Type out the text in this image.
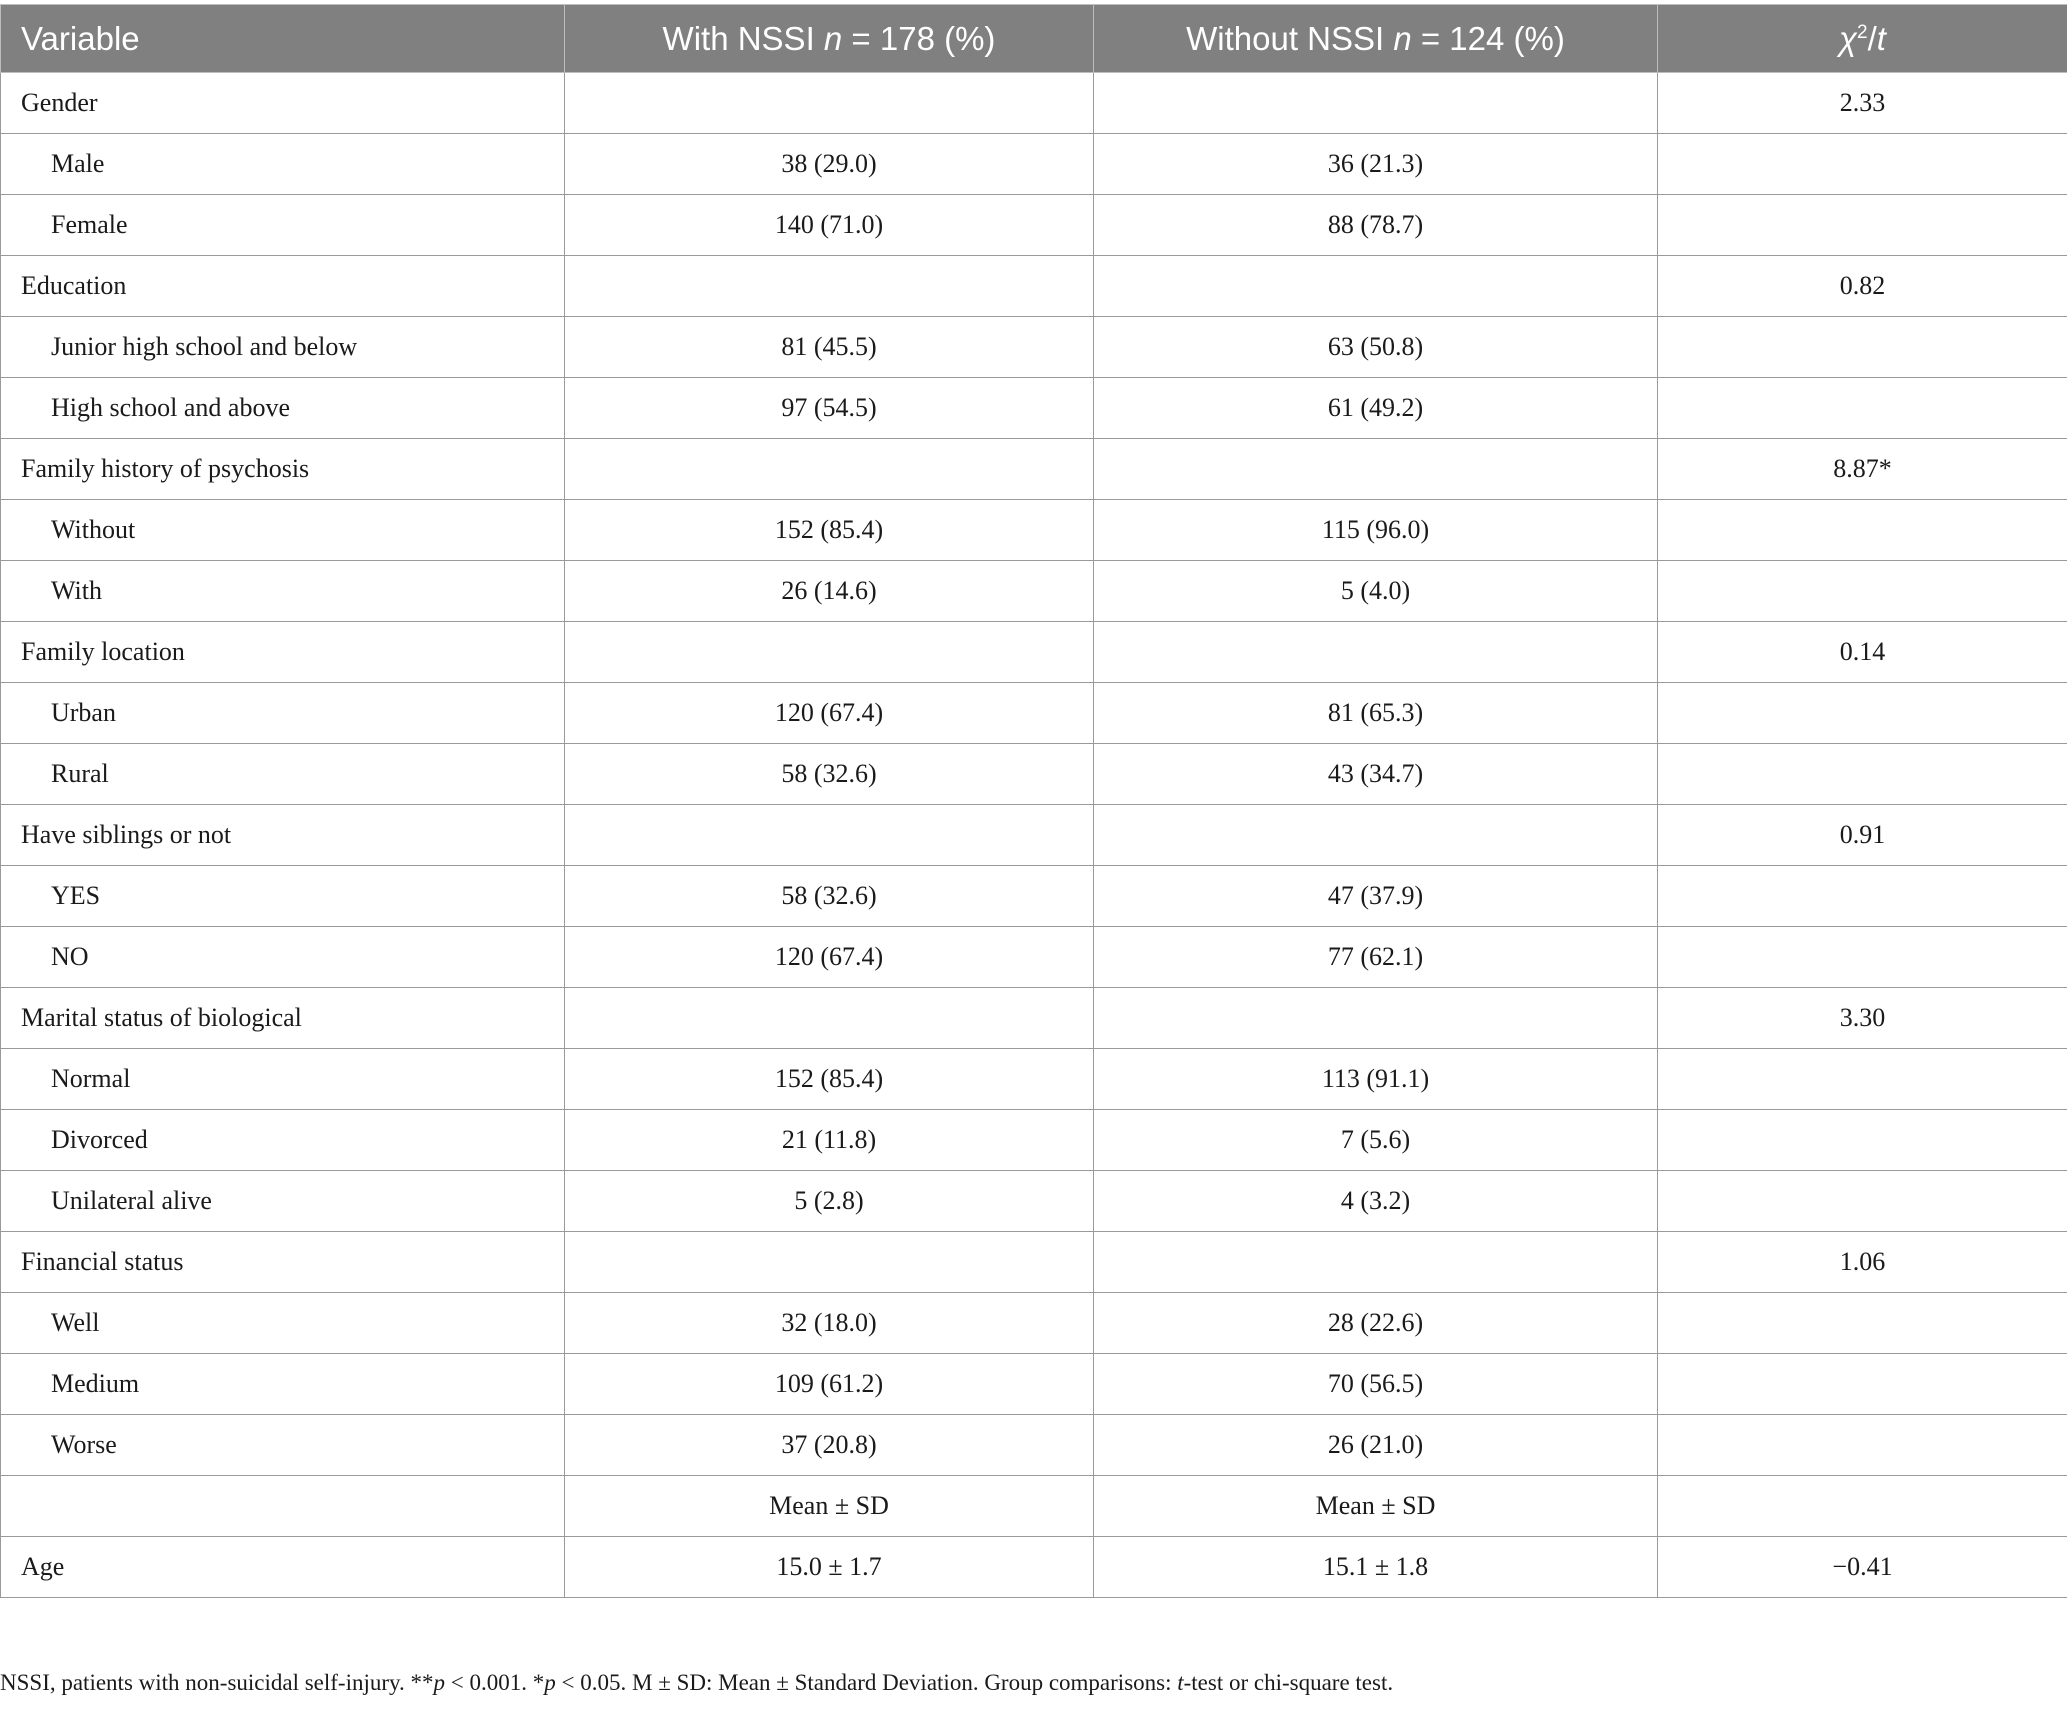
Variable	With NSSI n = 178 (%)	Without NSSI n = 124 (%)	$\chi^2/t$
Gender			2.33
Male	38 (29.0)	36 (21.3)	
Female	140 (71.0)	88 (78.7)	
Education			0.82
Junior high school and below	81 (45.5)	63 (50.8)	
High school and above	97 (54.5)	61 (49.2)	
Family history of psychosis			8.87*
Without	152 (85.4)	115 (96.0)	
With	26 (14.6)	5 (4.0)	
Family location			0.14
Urban	120 (67.4)	81 (65.3)	
Rural	58 (32.6)	43 (34.7)	
Have siblings or not			0.91
YES	58 (32.6)	47 (37.9)	
NO	120 (67.4)	77 (62.1)	
Marital status of biological			3.30
Normal	152 (85.4)	113 (91.1)	
Divorced	21 (11.8)	7 (5.6)	
Unilateral alive	5 (2.8)	4 (3.2)	
Financial status			1.06
Well	32 (18.0)	28 (22.6)	
Medium	109 (61.2)	70 (56.5)	
Worse	37 (20.8)	26 (21.0)	
	Mean ± SD	Mean ± SD	
Age	15.0 ± 1.7	15.1 ± 1.8	−0.41
NSSI, patients with non-suicidal self-injury. **p < 0.001. *p < 0.05. M ± SD: Mean ± Standard Deviation. Group comparisons: t-test or chi-square test.
